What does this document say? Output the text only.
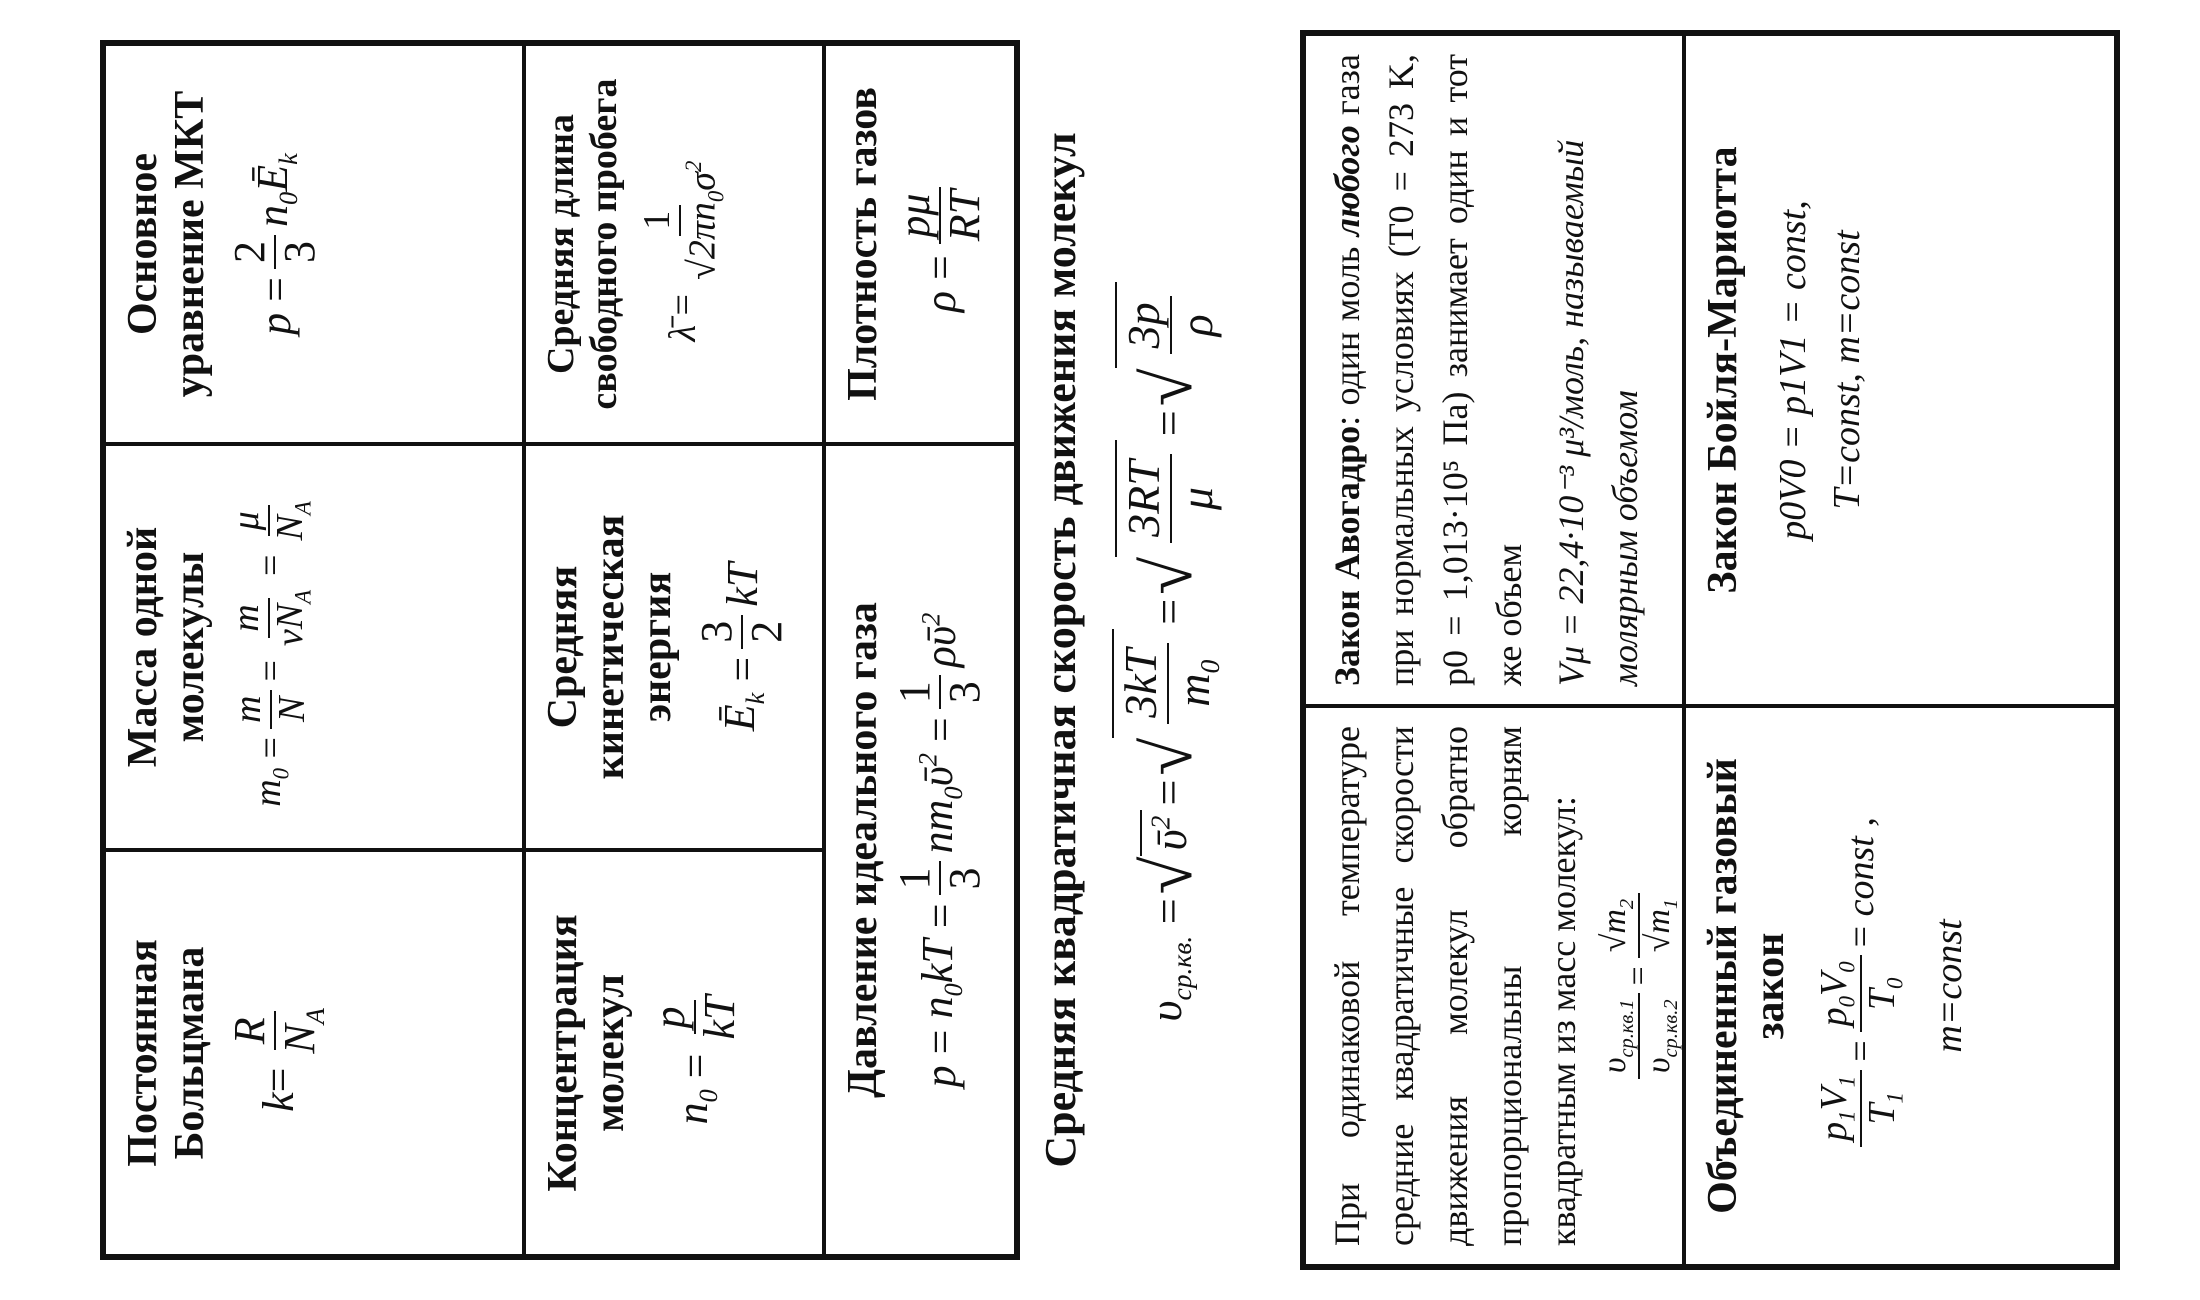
Постоянная Больцмана k
=
R $N_A$
Масса одной молекулы
$m_0$
=
m N
=
m $\nu N_A$
=
μ $N_A$
Основное уравнение МКТ p
=
2 3
$n_0Ē_k$
Концентрация молекул $n_0$
=
p kT
Средняя кинетическая энергия $Ē_k$
=
3 2
kT
Средняя длина свободного пробега λ̄
=
1 $√2\pi n_0\sigma^2$
Давление идеального газа p
=
$n_0kT$
=
1 3
$nm_0ῡ^2$
=
1 3
ρῡ$^2$
Плотность газов ρ
=
pμ RT Средняя квадратичная скорость движения молекул $\upsilon_{ср.кв.}$
=
√
ῡ$^2$
=
√
3kT $m_0$
=
√
3RT μ
=
√
3p ρ
При одинаковой температуре средние квадратичные скорости движения молекул обратно пропорциональны корням квадратным из масс молекул: $\upsilon_{ср.кв.1}$
$\upsilon_{ср.кв.2}$
=
$√m_2$
$√m_1$
Закон Авогадро: один моль любого газа при нормальных условиях (T0 = 273 K, p0 = 1,013·10⁵ Па) занимает один и тот же объем Vμ = 22,4·10⁻³ μ³/моль, называемый молярным объемом
Объединенный газовый закон
$p_1V_1$
$T_1$
=
$p_0V_0$
$T_0$
=
const ,
m=const
Закон Бойля-Мариотта p0V0 = p1V1 = const, T=const, m=const
